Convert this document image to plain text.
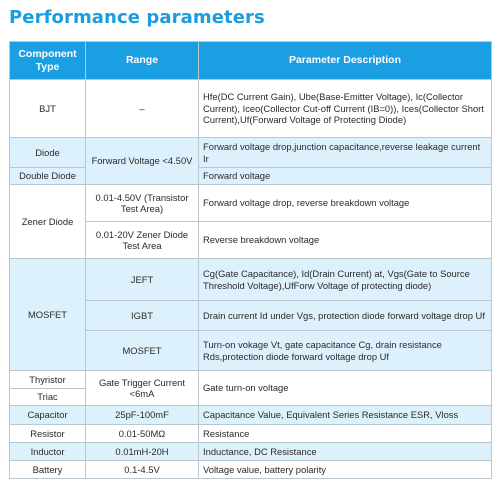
Performance parameters
Component Type	Range	Parameter Description
BJT	–	Hfe(DC Current Gain), Ube(Base-Emitter Voltage), Ic(Collector Current), Iceo(Collector Cut-off Current (IB=0)), Ices(Collector Short Current),Uf(Forward Voltage of Protecting Diode)
Diode	Forward Voltage <4.50V	Forward voltage drop,junction capacitance,reverse leakage current Ir
Double Diode		Forward voltage
Zener Diode	0.01-4.50V (Transistor Test Area)	Forward voltage drop, reverse breakdown voltage
	0.01-20V Zener Diode Test Area	Reverse breakdown voltage
MOSFET	JEFT	Cg(Gate Capacitance), Id(Drain Current) at, Vgs(Gate to Source Threshold Voltage),UfForw Voltage of protecting diode)
	IGBT	Drain current Id under Vgs, protection diode forward voltage drop Uf
	MOSFET	Turn-on vokage Vt, gate capacitance Cg, drain resistance Rds,protection diode forward voltage drop Uf
Thyristor	Gate Trigger Current <6mA	Gate turn-on voltage
Triac		
Capacitor	25pF-100mF	Capacitance Value, Equivalent Series Resistance ESR, Vloss
Resistor	0.01-50MΩ	Resistance
Inductor	0.01mH-20H	Inductance, DC Resistance
Battery	0.1-4.5V	Voltage value, battery polarity
